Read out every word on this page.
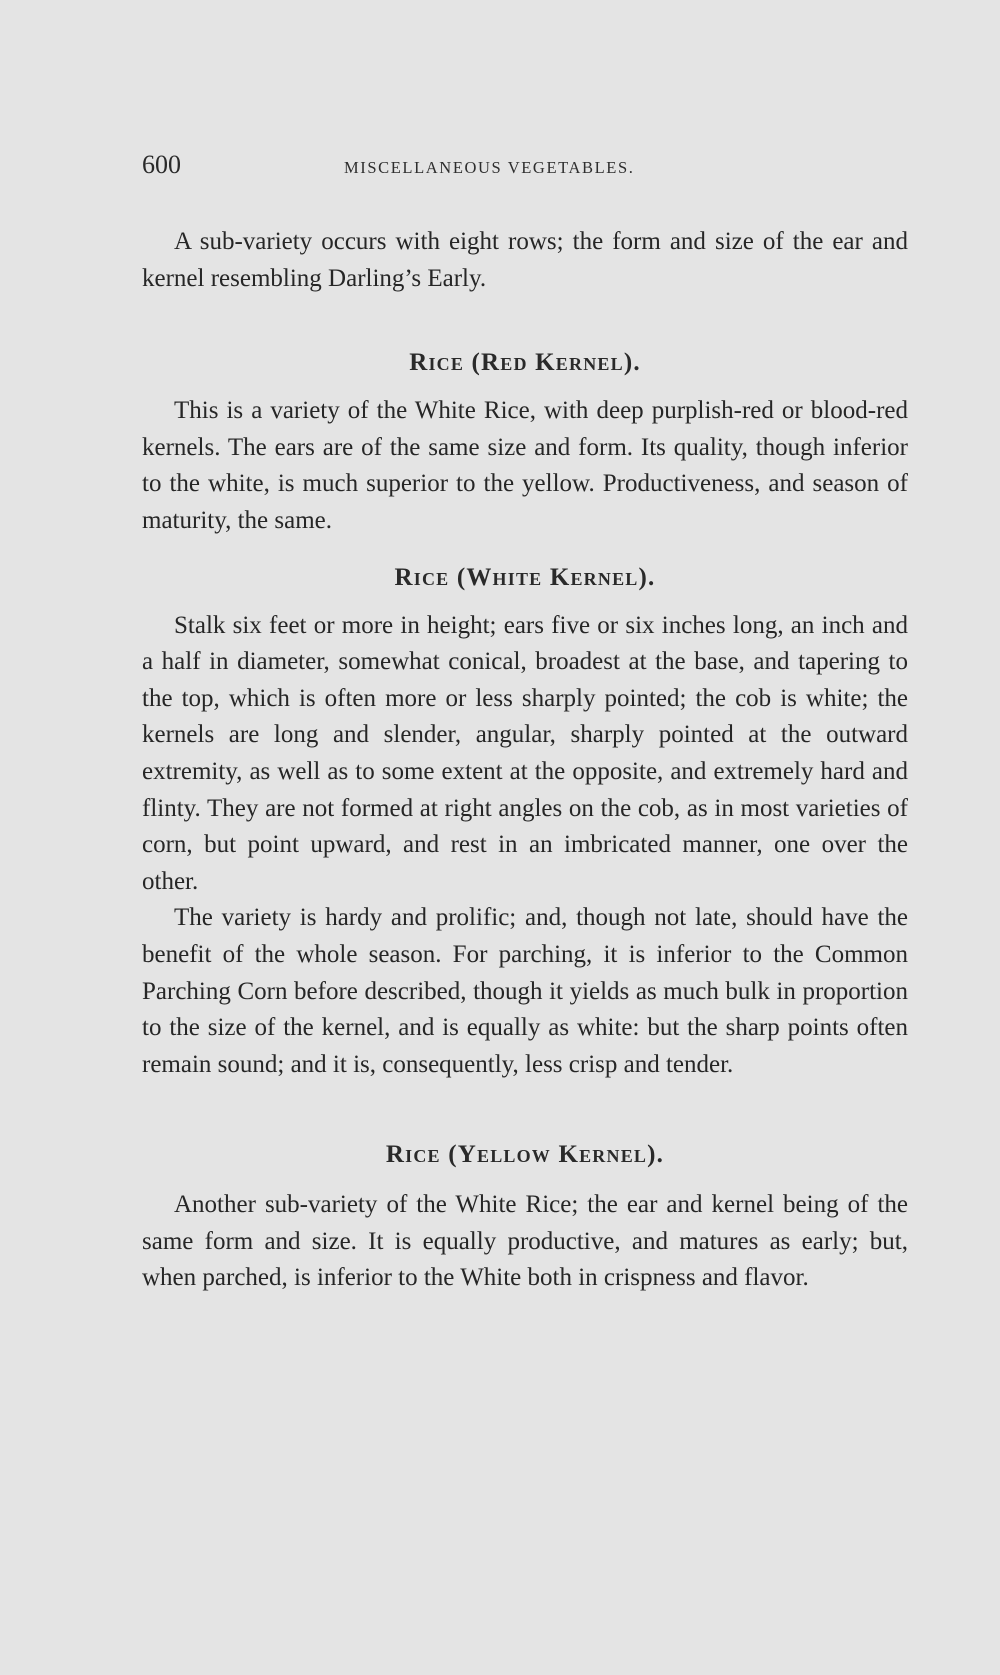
600	MISCELLANEOUS VEGETABLES.

A sub-variety occurs with eight rows; the form and size of the ear and kernel resembling Darling’s Early.

Rice (Red Kernel).

This is a variety of the White Rice, with deep purplish-red or blood-red kernels. The ears are of the same size and form. Its quality, though inferior to the white, is much superior to the yellow. Productiveness, and season of maturity, the same.

Rice (White Kernel).

Stalk six feet or more in height; ears five or six inches long, an inch and a half in diameter, somewhat conical, broadest at the base, and tapering to the top, which is often more or less sharply pointed; the cob is white; the kernels are long and slender, angular, sharply pointed at the outward extremity, as well as to some extent at the opposite, and extremely hard and flinty. They are not formed at right angles on the cob, as in most varieties of corn, but point upward, and rest in an imbricated manner, one over the other.

The variety is hardy and prolific; and, though not late, should have the benefit of the whole season. For parching, it is inferior to the Common Parching Corn before described, though it yields as much bulk in proportion to the size of the kernel, and is equally as white: but the sharp points often remain sound; and it is, consequently, less crisp and tender.

Rice (Yellow Kernel).

Another sub-variety of the White Rice; the ear and kernel being of the same form and size. It is equally productive, and matures as early; but, when parched, is inferior to the White both in crispness and flavor.
